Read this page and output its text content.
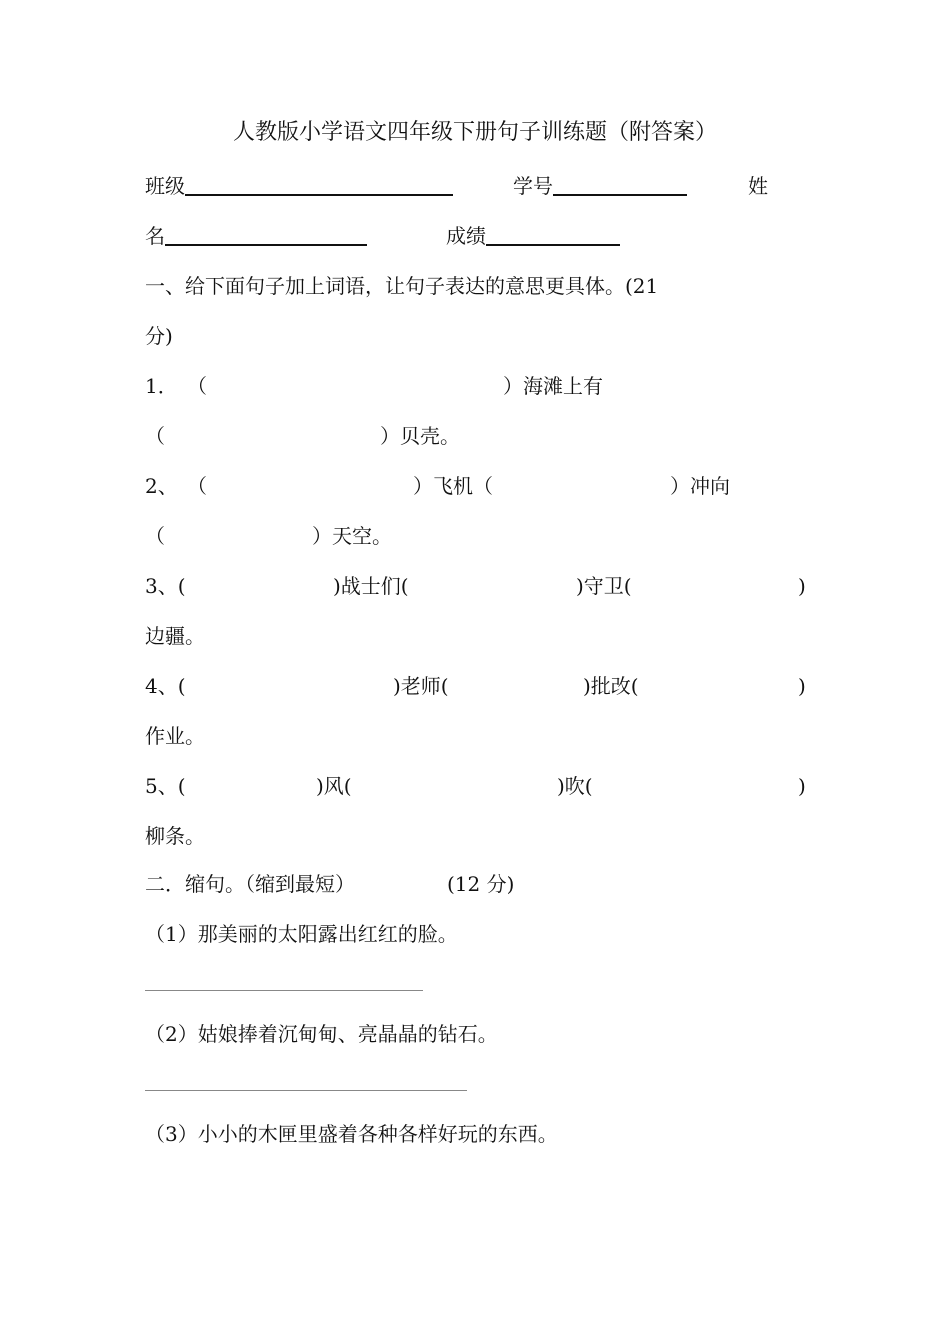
人教版小学语文四年级下册句子训练题（附答案）
班级	学号	姓
名	成绩
一、给下面句子加上词语，让句子表达的意思更具体。(21
分)
1． （	）海滩上有
（	）贝壳。
2、 （	）飞机（	）冲向
（	）天空。
3、(	)战士们(	)守卫(	)
边疆。
4、(	)老师(	)批改(	)
作业。
5、(	)风(	)吹(	)
柳条。
二．缩句。（缩到最短）	(12 分)
（1）那美丽的太阳露出红红的脸。
（2）姑娘捧着沉甸甸、亮晶晶的钻石。
（3）小小的木匣里盛着各种各样好玩的东西。
